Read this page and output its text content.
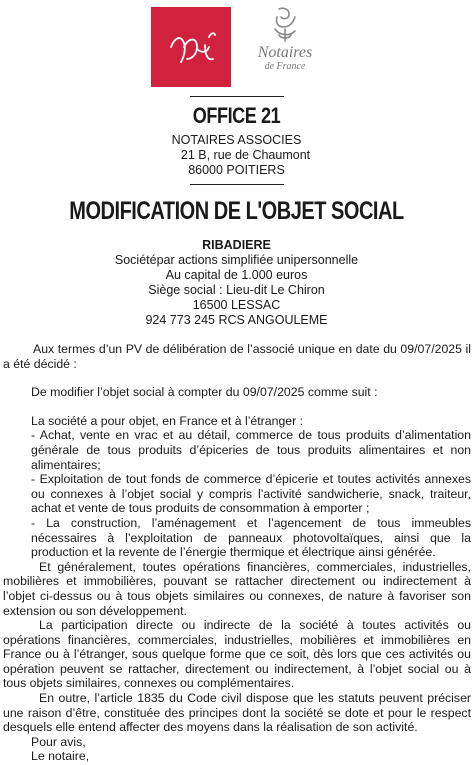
Notaires
de France
OFFICE 21
NOTAIRES ASSOCIES
21 B, rue de Chaumont
86000 POITIERS
MODIFICATION DE L'OBJET SOCIAL
RIBADIERE
Sociétépar actions simplifiée unipersonnelle
Au capital de 1.000 euros
Siège social : Lieu-dit Le Chiron
16500 LESSAC
924 773 245 RCS ANGOULEME

Aux termes d’un PV de délibération de l’associé unique en date du 09/07/2025 il a été décidé :

De modifier l’objet social à compter du 09/07/2025 comme suit :

La société a pour objet, en France et à l’étranger :

- Achat, vente en vrac et au détail, commerce de tous produits d’alimentation générale de tous produits d’épiceries de tous produits alimentaires et non alimentaires;

- Exploitation de tout fonds de commerce d’épicerie et toutes activités annexes ou connexes à l’objet social y compris l’activité sandwicherie, snack, traiteur, achat et vente de tous produits de consommation à emporter ;

- La construction, l’aménagement et l’agencement de tous immeubles nécessaires à l’exploitation de panneaux photovoltaïques, ainsi que la production et la revente de l’énergie thermique et électrique ainsi générée.

Et généralement, toutes opérations financières, commerciales, industrielles, mobilières et immobilières, pouvant se rattacher directement ou indirectement à l’objet ci-dessus ou à tous objets similaires ou connexes, de nature à favoriser son extension ou son développement.

La participation directe ou indirecte de la société à toutes activités ou opérations financières, commerciales, industrielles, mobilières et immobilières en France ou à l’étranger, sous quelque forme que ce soit, dès lors que ces activités ou opération peuvent se rattacher, directement ou indirectement, à l’objet social ou à tous objets similaires, connexes ou complémentaires.

En outre, l’article 1835 du Code civil dispose que les statuts peuvent préciser une raison d’être, constituée des principes dont la société se dote et pour le respect desquels elle entend affecter des moyens dans la réalisation de son activité.

Pour avis,

Le notaire,
